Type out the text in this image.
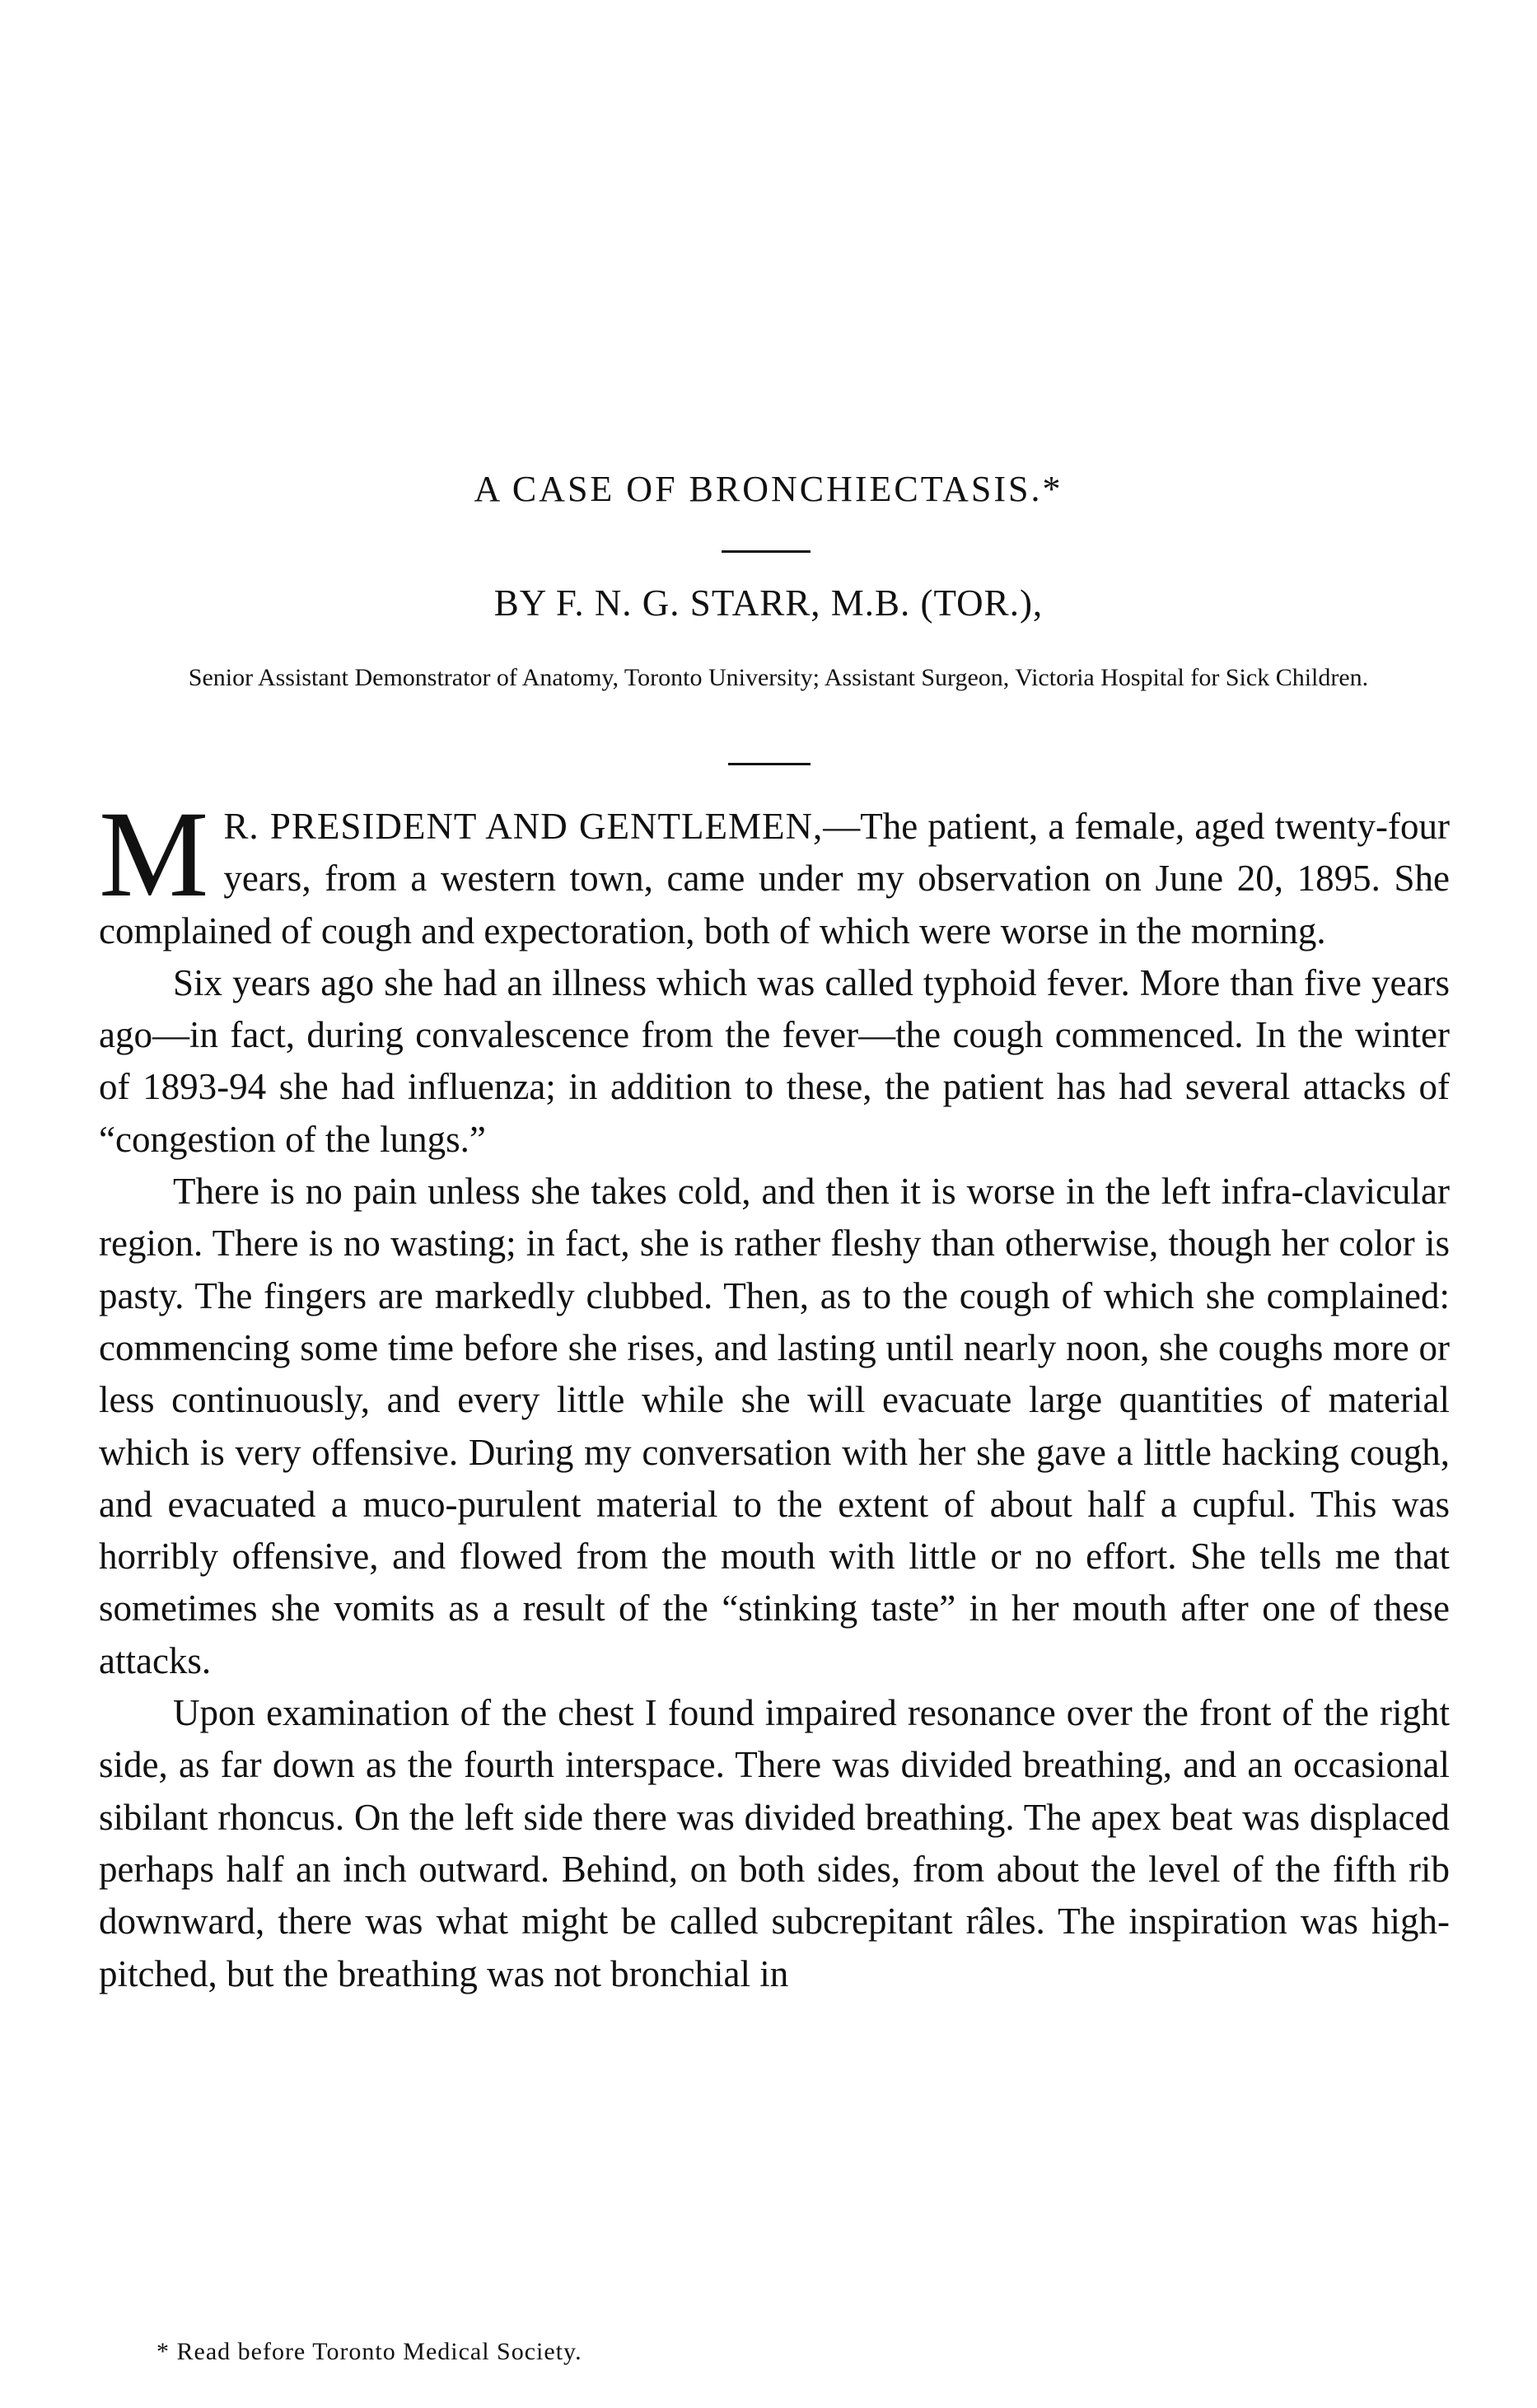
A CASE OF BRONCHIECTASIS.*
BY F. N. G. STARR, M.B. (TOR.),
Senior Assistant Demonstrator of Anatomy, Toronto University; Assistant Surgeon, Victoria Hospital for Sick Children.

M R. PRESIDENT AND GENTLEMEN,—The patient, a female, aged twenty-four years, from a western town, came under my observation on June 20, 1895. She complained of cough and expectoration, both of which were worse in the morning.

Six years ago she had an illness which was called typhoid fever. More than five years ago—in fact, during convalescence from the fever—the cough commenced. In the winter of 1893-94 she had influenza; in addition to these, the patient has had several attacks of “congestion of the lungs.”

There is no pain unless she takes cold, and then it is worse in the left infra-clavicular region. There is no wasting; in fact, she is rather fleshy than otherwise, though her color is pasty. The fingers are markedly clubbed. Then, as to the cough of which she complained: commencing some time before she rises, and lasting until nearly noon, she coughs more or less continuously, and every little while she will evacuate large quantities of material which is very offensive. During my conversation with her she gave a little hacking cough, and evacuated a muco-purulent material to the extent of about half a cupful. This was horribly offensive, and flowed from the mouth with little or no effort. She tells me that sometimes she vomits as a result of the “stinking taste” in her mouth after one of these attacks.

Upon examination of the chest I found impaired resonance over the front of the right side, as far down as the fourth interspace. There was divided breathing, and an occasional sibilant rhoncus. On the left side there was divided breathing. The apex beat was displaced perhaps half an inch outward. Behind, on both sides, from about the level of the fifth rib downward, there was what might be called subcrepitant râles. The inspiration was high-pitched, but the breathing was not bronchial in

* Read before Toronto Medical Society.
